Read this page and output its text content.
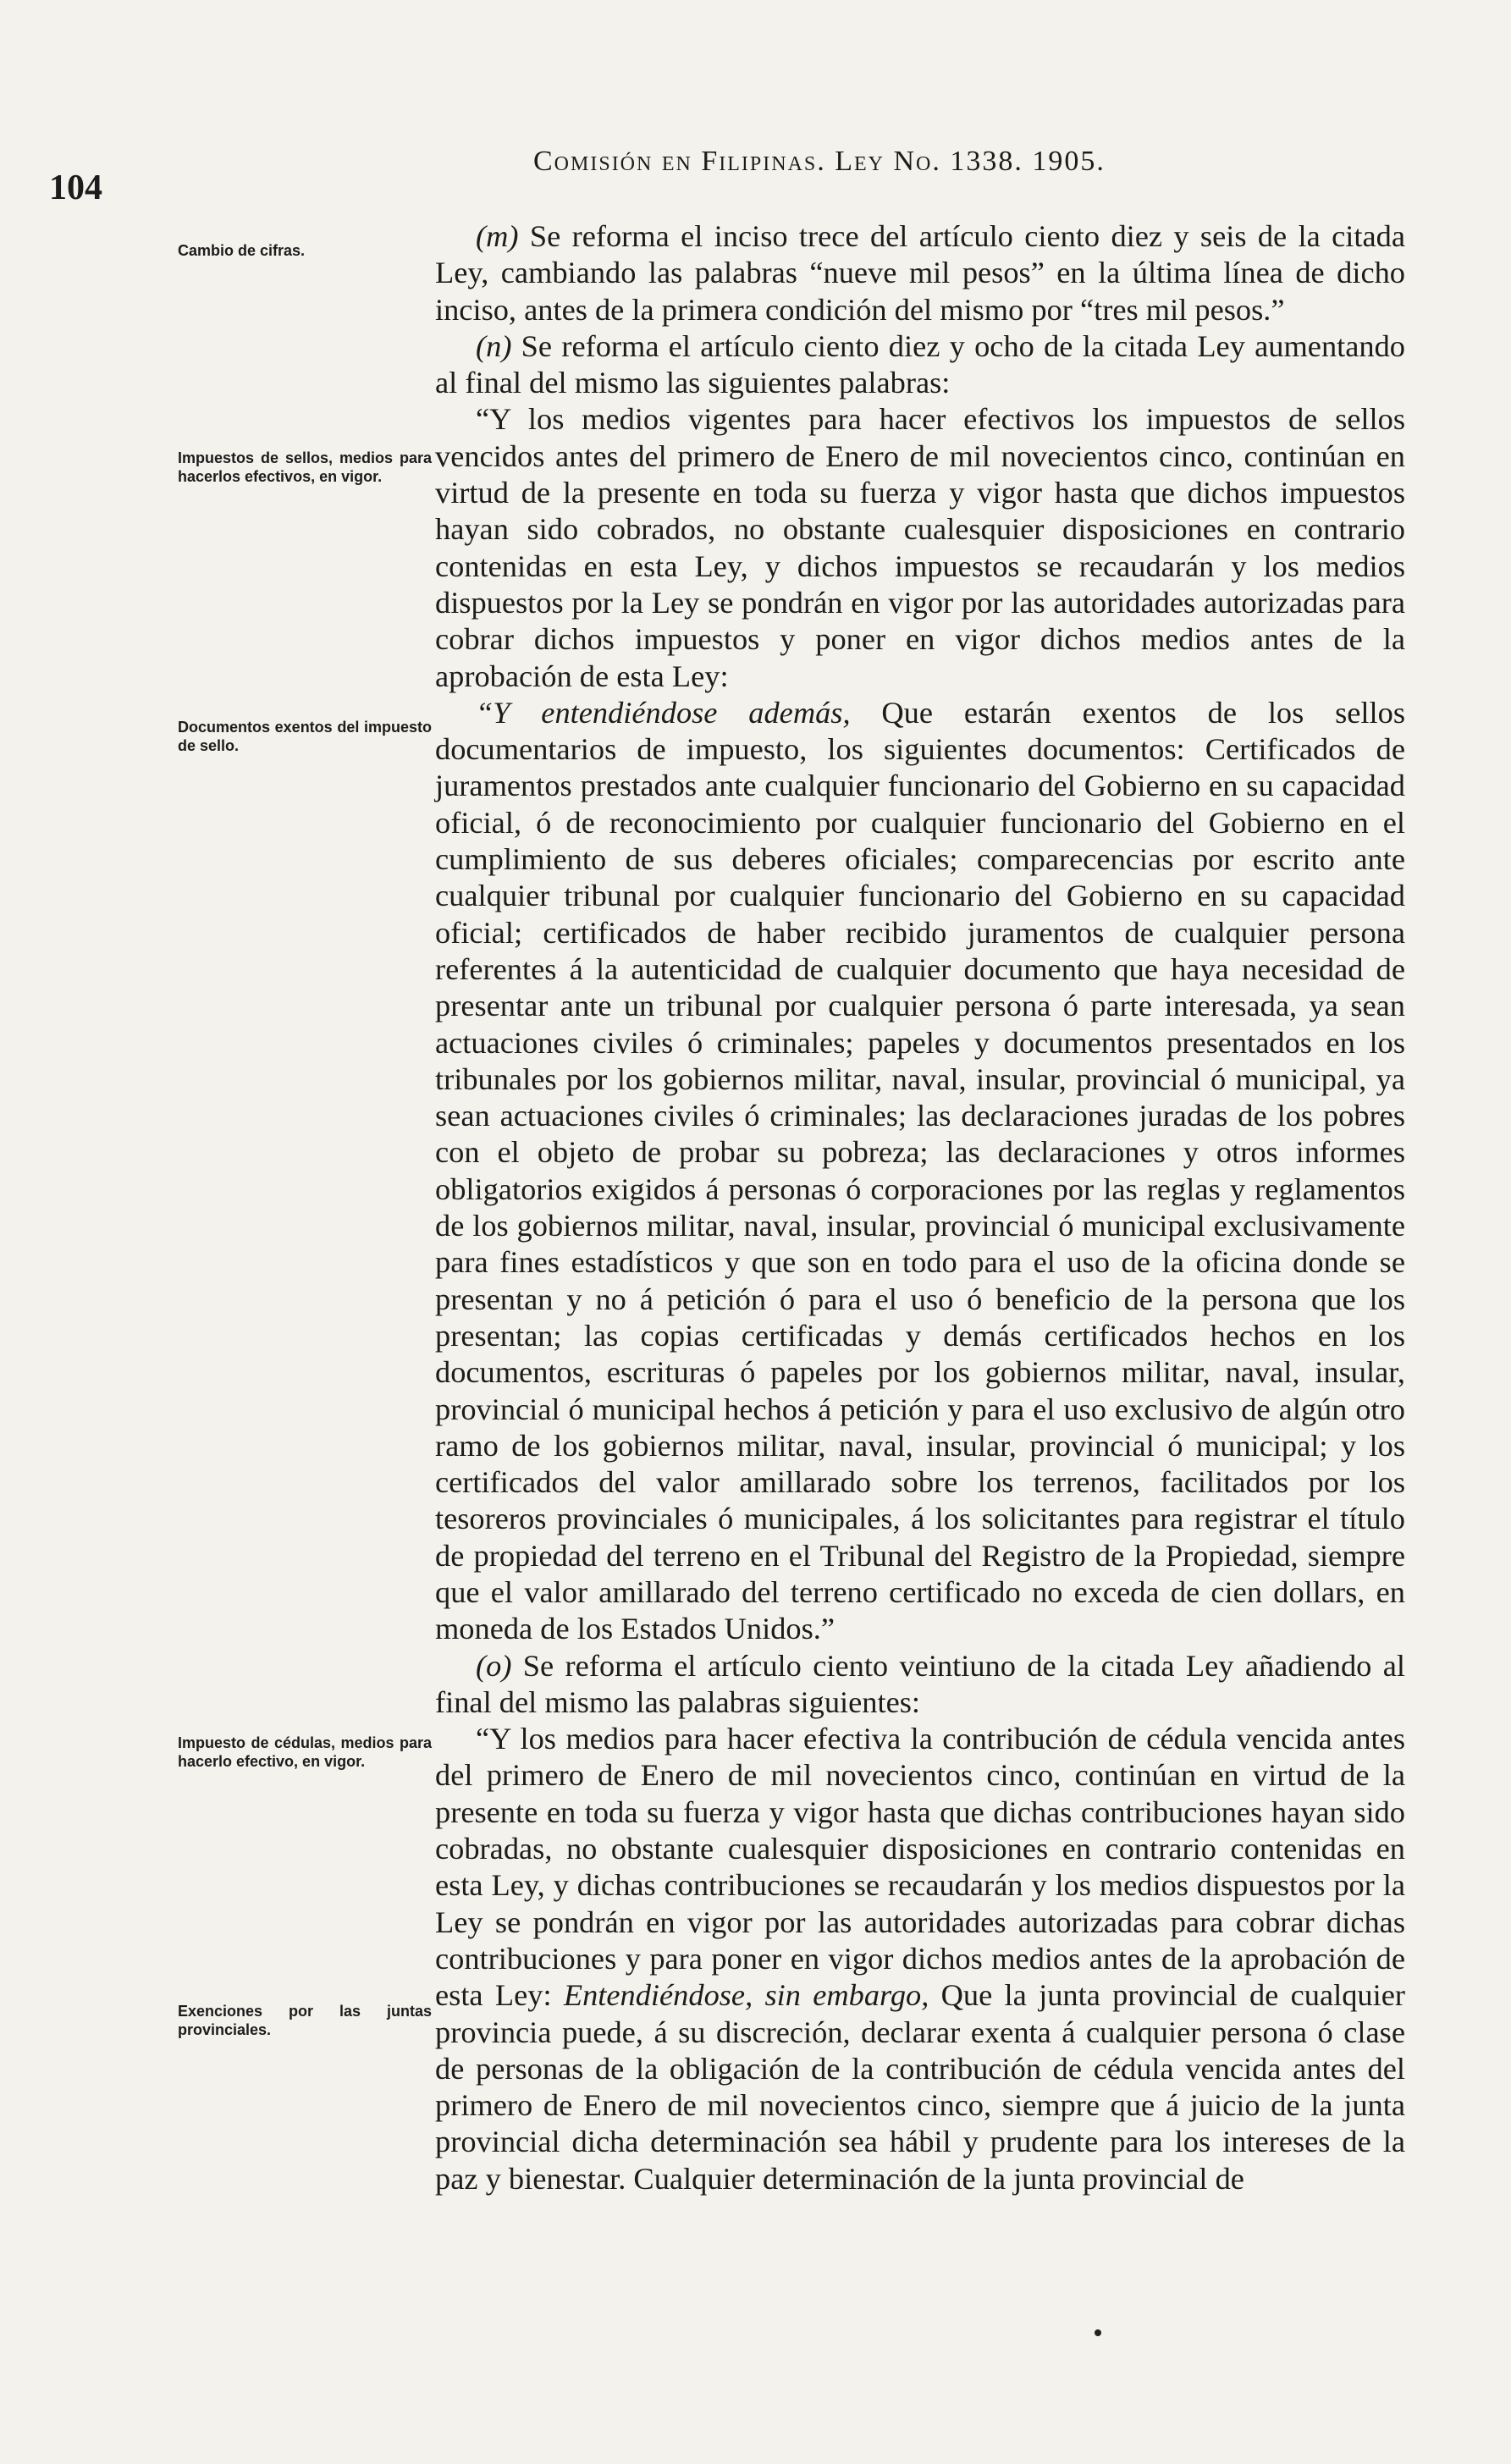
104
Comisión en Filipinas. Ley No. 1338. 1905.
Cambio de cifras.
Impuestos de sellos, medios para hacerlos efectivos, en vigor.
Documentos exentos del impuesto de sello.
Impuesto de cédulas, medios para hacerlo efectivo, en vigor.
Exenciones por las juntas provinciales.

(m) Se reforma el inciso trece del artículo ciento diez y seis de la citada Ley, cambiando las palabras “nueve mil pesos” en la última línea de dicho inciso, antes de la primera condición del mismo por “tres mil pesos.”

(n) Se reforma el artículo ciento diez y ocho de la citada Ley aumentando al final del mismo las siguientes palabras:

“Y los medios vigentes para hacer efectivos los impuestos de sellos vencidos antes del primero de Enero de mil novecientos cinco, continúan en virtud de la presente en toda su fuerza y vigor hasta que dichos impuestos hayan sido cobrados, no obstante cualesquier disposiciones en contrario contenidas en esta Ley, y dichos impuestos se recaudarán y los medios dispuestos por la Ley se pondrán en vigor por las autoridades autorizadas para cobrar dichos impuestos y poner en vigor dichos medios antes de la aprobación de esta Ley:

“Y entendiéndose además, Que estarán exentos de los sellos documentarios de impuesto, los siguientes documentos: Certificados de juramentos prestados ante cualquier funcionario del Gobierno en su capacidad oficial, ó de reconocimiento por cualquier funcionario del Gobierno en el cumplimiento de sus deberes oficiales; comparecencias por escrito ante cualquier tribunal por cualquier funcionario del Gobierno en su capacidad oficial; certificados de haber recibido juramentos de cualquier persona referentes á la autenticidad de cualquier documento que haya necesidad de presentar ante un tribunal por cualquier persona ó parte interesada, ya sean actuaciones civiles ó criminales; papeles y documentos presentados en los tribunales por los gobiernos militar, naval, insular, provincial ó municipal, ya sean actuaciones civiles ó criminales; las declaraciones juradas de los pobres con el objeto de probar su pobreza; las declaraciones y otros informes obligatorios exigidos á personas ó corporaciones por las reglas y reglamentos de los gobiernos militar, naval, insular, provincial ó municipal exclusivamente para fines estadísticos y que son en todo para el uso de la oficina donde se presentan y no á petición ó para el uso ó beneficio de la persona que los presentan; las copias certificadas y demás certificados hechos en los documentos, escrituras ó papeles por los gobiernos militar, naval, insular, provincial ó municipal hechos á petición y para el uso exclusivo de algún otro ramo de los gobiernos militar, naval, insular, provincial ó municipal; y los certificados del valor amillarado sobre los terrenos, facilitados por los tesoreros provinciales ó municipales, á los solicitantes para registrar el título de propiedad del terreno en el Tribunal del Registro de la Propiedad, siempre que el valor amillarado del terreno certificado no exceda de cien dollars, en moneda de los Estados Unidos.”

(o) Se reforma el artículo ciento veintiuno de la citada Ley añadiendo al final del mismo las palabras siguientes:

“Y los medios para hacer efectiva la contribución de cédula vencida antes del primero de Enero de mil novecientos cinco, continúan en virtud de la presente en toda su fuerza y vigor hasta que dichas contribuciones hayan sido cobradas, no obstante cualesquier disposiciones en contrario contenidas en esta Ley, y dichas contribuciones se recaudarán y los medios dispuestos por la Ley se pondrán en vigor por las autoridades autorizadas para cobrar dichas contribuciones y para poner en vigor dichos medios antes de la aprobación de esta Ley: Entendiéndose, sin embargo, Que la junta provincial de cualquier provincia puede, á su discreción, declarar exenta á cualquier persona ó clase de personas de la obligación de la contribución de cédula vencida antes del primero de Enero de mil novecientos cinco, siempre que á juicio de la junta provincial dicha determinación sea hábil y prudente para los intereses de la paz y bienestar. Cualquier determinación de la junta provincial de
